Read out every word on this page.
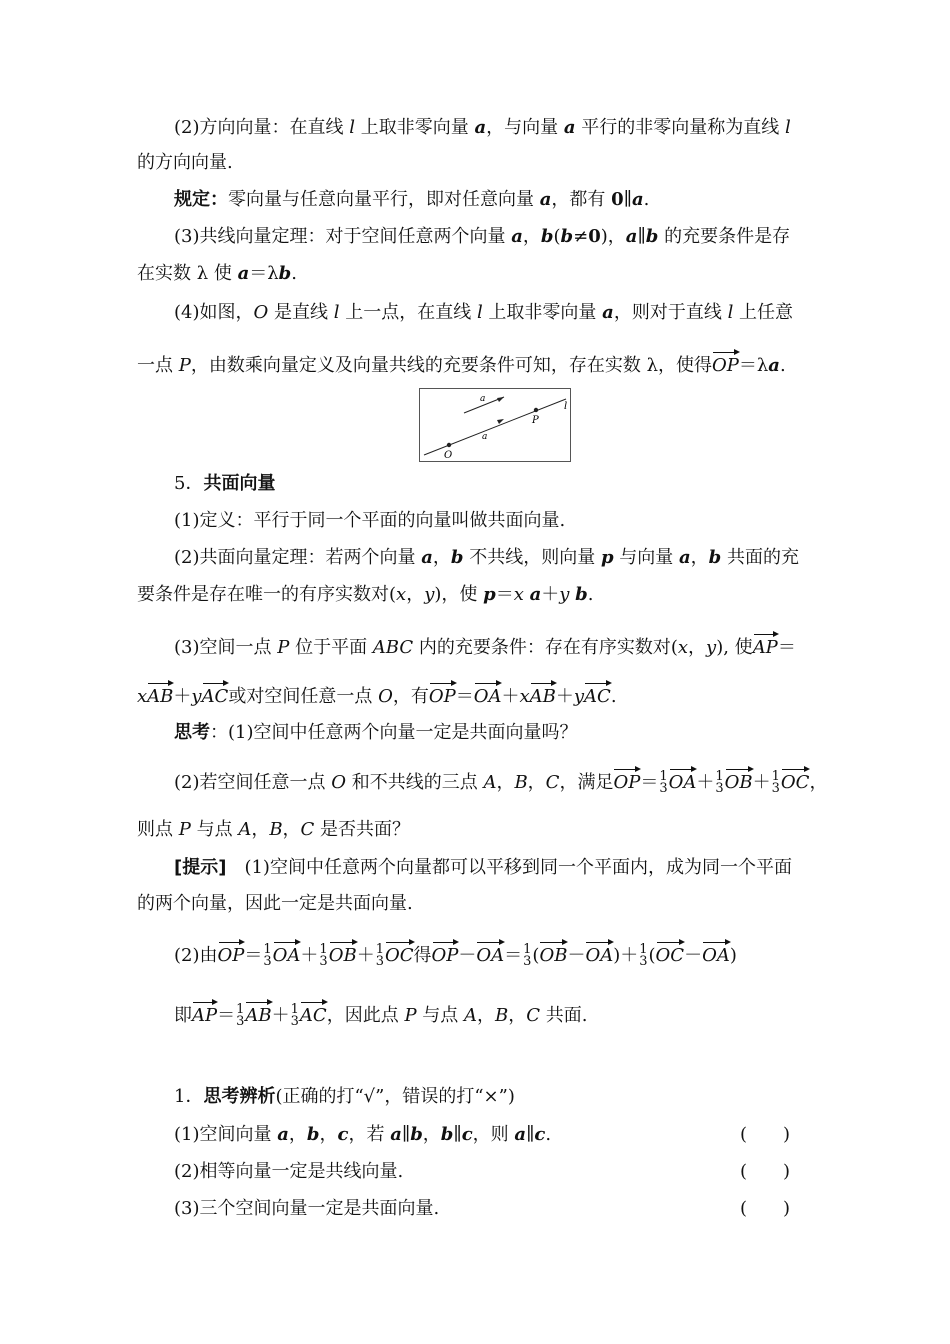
(2)方向向量：在直线 l 上取非零向量 a，与向量 a 平行的非零向量称为直线 l
的方向向量.
规定：零向量与任意向量平行，即对任意向量 a，都有 0∥a.
(3)共线向量定理：对于空间任意两个向量 a，b(b≠0)，a∥b 的充要条件是存
在实数 λ 使 a＝λb.
(4)如图，O 是直线 l 上一点，在直线 l 上取非零向量 a，则对于直线 l 上任意
一点 P，由数乘向量定义及向量共线的充要条件可知，存在实数 λ，使得OP＝λa.
a
l
P
a
O
5．共面向量
(1)定义：平行于同一个平面的向量叫做共面向量.
(2)共面向量定理：若两个向量 a，b 不共线，则向量 p 与向量 a，b 共面的充
要条件是存在唯一的有序实数对(x，y)，使 p＝x a＋y b.
(3)空间一点 P 位于平面 ABC 内的充要条件：存在有序实数对(x，y), 使AP＝
xAB＋yAC或对空间任意一点 O，有OP＝OA＋xAB＋yAC.
思考：(1)空间中任意两个向量一定是共面向量吗？
(2)若空间任意一点 O 和不共线的三点 A，B，C，满足OP＝ 1
3 OA＋ 1
3 OB＋ 1
3 OC，
则点 P 与点 A，B，C 是否共面？
[提示]　(1)空间中任意两个向量都可以平移到同一个平面内，成为同一个平面
的两个向量，因此一定是共面向量.
(2)由OP＝ 1
3 OA＋ 1
3 OB＋ 1
3 OC得OP－OA＝ 1
3 (OB－OA)＋ 1
3 (OC－OA)
即AP＝ 1
3 AB＋ 1
3 AC，因此点 P 与点 A，B，C 共面.
1．思考辨析(正确的打“√”，错误的打“×”)
(1)空间向量 a，b，c，若 a∥b，b∥c，则 a∥c.	(　　)
(2)相等向量一定是共线向量.	(　　)
(3)三个空间向量一定是共面向量.	(　　)
